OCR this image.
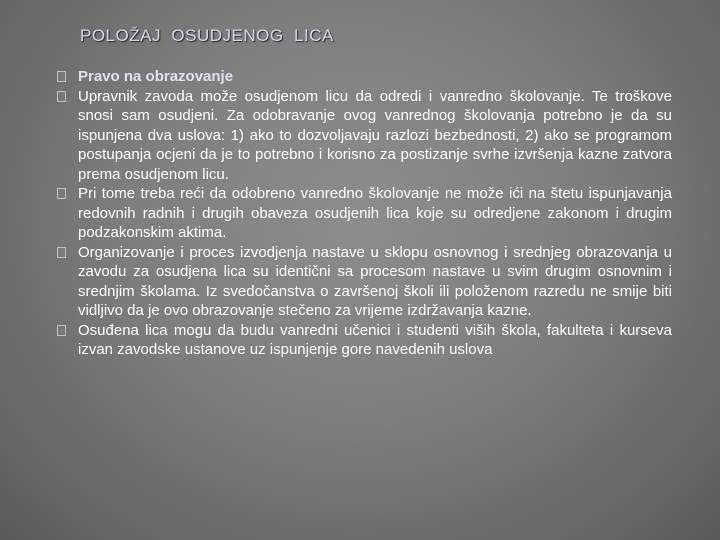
POLOŽAJ  OSUDJENOG  LICA
Pravo na obrazovanje
Upravnik zavoda može osudjenom licu da odredi i vanredno školovanje. Te troškove snosi sam osudjeni. Za odobravanje ovog vanrednog školovanja potrebno je da su ispunjena dva uslova: 1) ako to dozvoljavaju razlozi bezbednosti, 2) ako se programom postupanja ocjeni da je to potrebno i korisno za postizanje svrhe izvršenja kazne zatvora prema osudjenom licu.
Pri tome treba reći da odobreno vanredno školovanje ne može ići na štetu ispunjavanja redovnih radnih i drugih obaveza osudjenih lica koje su odredjene zakonom i drugim podzakonskim aktima.
Organizovanje i proces izvodjenja nastave u sklopu osnovnog i srednjeg obrazovanja u zavodu za osudjena lica su identični sa procesom nastave u svim drugim osnovnim i srednjim školama. Iz svedočanstva o završenoj školi ili položenom razredu ne smije biti vidljivo da je ovo obrazovanje stečeno za vrijeme izdržavanja kazne.
Osuđena lica mogu da budu vanredni učenici i studenti viših škola, fakulteta i kurseva izvan zavodske ustanove uz ispunjenje gore navedenih uslova
